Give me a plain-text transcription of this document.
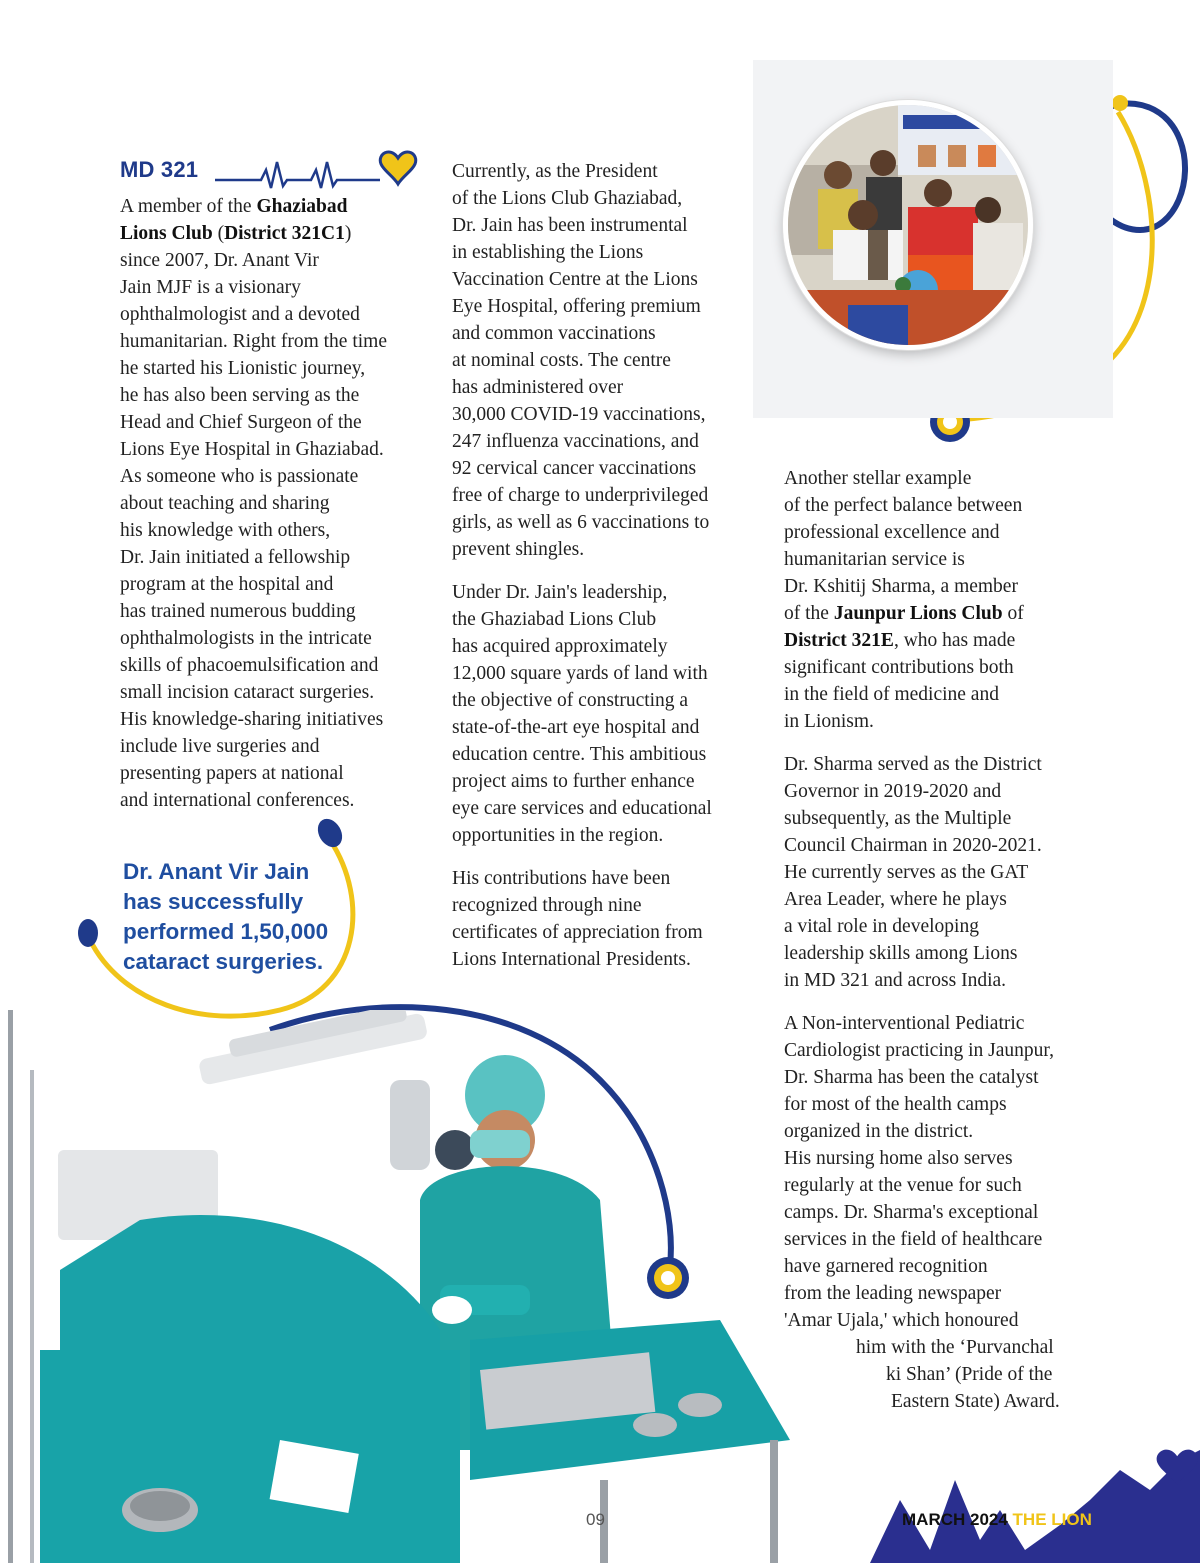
MD 321

A member of the Ghaziabad
Lions Club (District 321C1)
since 2007, Dr. Anant Vir
Jain MJF is a visionary
ophthalmologist and a devoted
humanitarian. Right from the time
he started his Lionistic journey,
he has also been serving as the
Head and Chief Surgeon of the
Lions Eye Hospital in Ghaziabad.
As someone who is passionate
about teaching and sharing
his knowledge with others,
Dr. Jain initiated a fellowship
program at the hospital and
has trained numerous budding
ophthalmologists in the intricate
skills of phacoemulsification and
small incision cataract surgeries.
His knowledge-sharing initiatives
include live surgeries and
presenting papers at national
and international conferences.

Dr. Anant Vir Jain
has successfully
performed 1,50,000
cataract surgeries.

Currently, as the President
of the Lions Club Ghaziabad,
Dr. Jain has been instrumental
in establishing the Lions
Vaccination Centre at the Lions
Eye Hospital, offering premium
and common vaccinations
at nominal costs. The centre
has administered over
30,000 COVID-19 vaccinations,
247 influenza vaccinations, and
92 cervical cancer vaccinations
free of charge to underprivileged
girls, as well as 6 vaccinations to
prevent shingles.

Under Dr. Jain's leadership,
the Ghaziabad Lions Club
has acquired approximately
12,000 square yards of land with
the objective of constructing a
state-of-the-art eye hospital and
education centre. This ambitious
project aims to further enhance
eye care services and educational
opportunities in the region.

His contributions have been
recognized through nine
certificates of appreciation from
Lions International Presidents.

Another stellar example
of the perfect balance between
professional excellence and
humanitarian service is
Dr. Kshitij Sharma, a member
of the Jaunpur Lions Club of
District 321E, who has made
significant contributions both
in the field of medicine and
in Lionism.

Dr. Sharma served as the District
Governor in 2019-2020 and
subsequently, as the Multiple
Council Chairman in 2020-2021.
He currently serves as the GAT
Area Leader, where he plays
a vital role in developing
leadership skills among Lions
in MD 321 and across India.

A Non-interventional Pediatric
Cardiologist practicing in Jaunpur,
Dr. Sharma has been the catalyst
for most of the health camps
organized in the district.
His nursing home also serves
regularly at the venue for such
camps. Dr. Sharma's exceptional
services in the field of healthcare
have garnered recognition
from the leading newspaper
'Amar Ujala,' which honoured
him with the ‘Purvanchal
ki Shan’ (Pride of the
Eastern State) Award.

09	MARCH 2024 THE LION
